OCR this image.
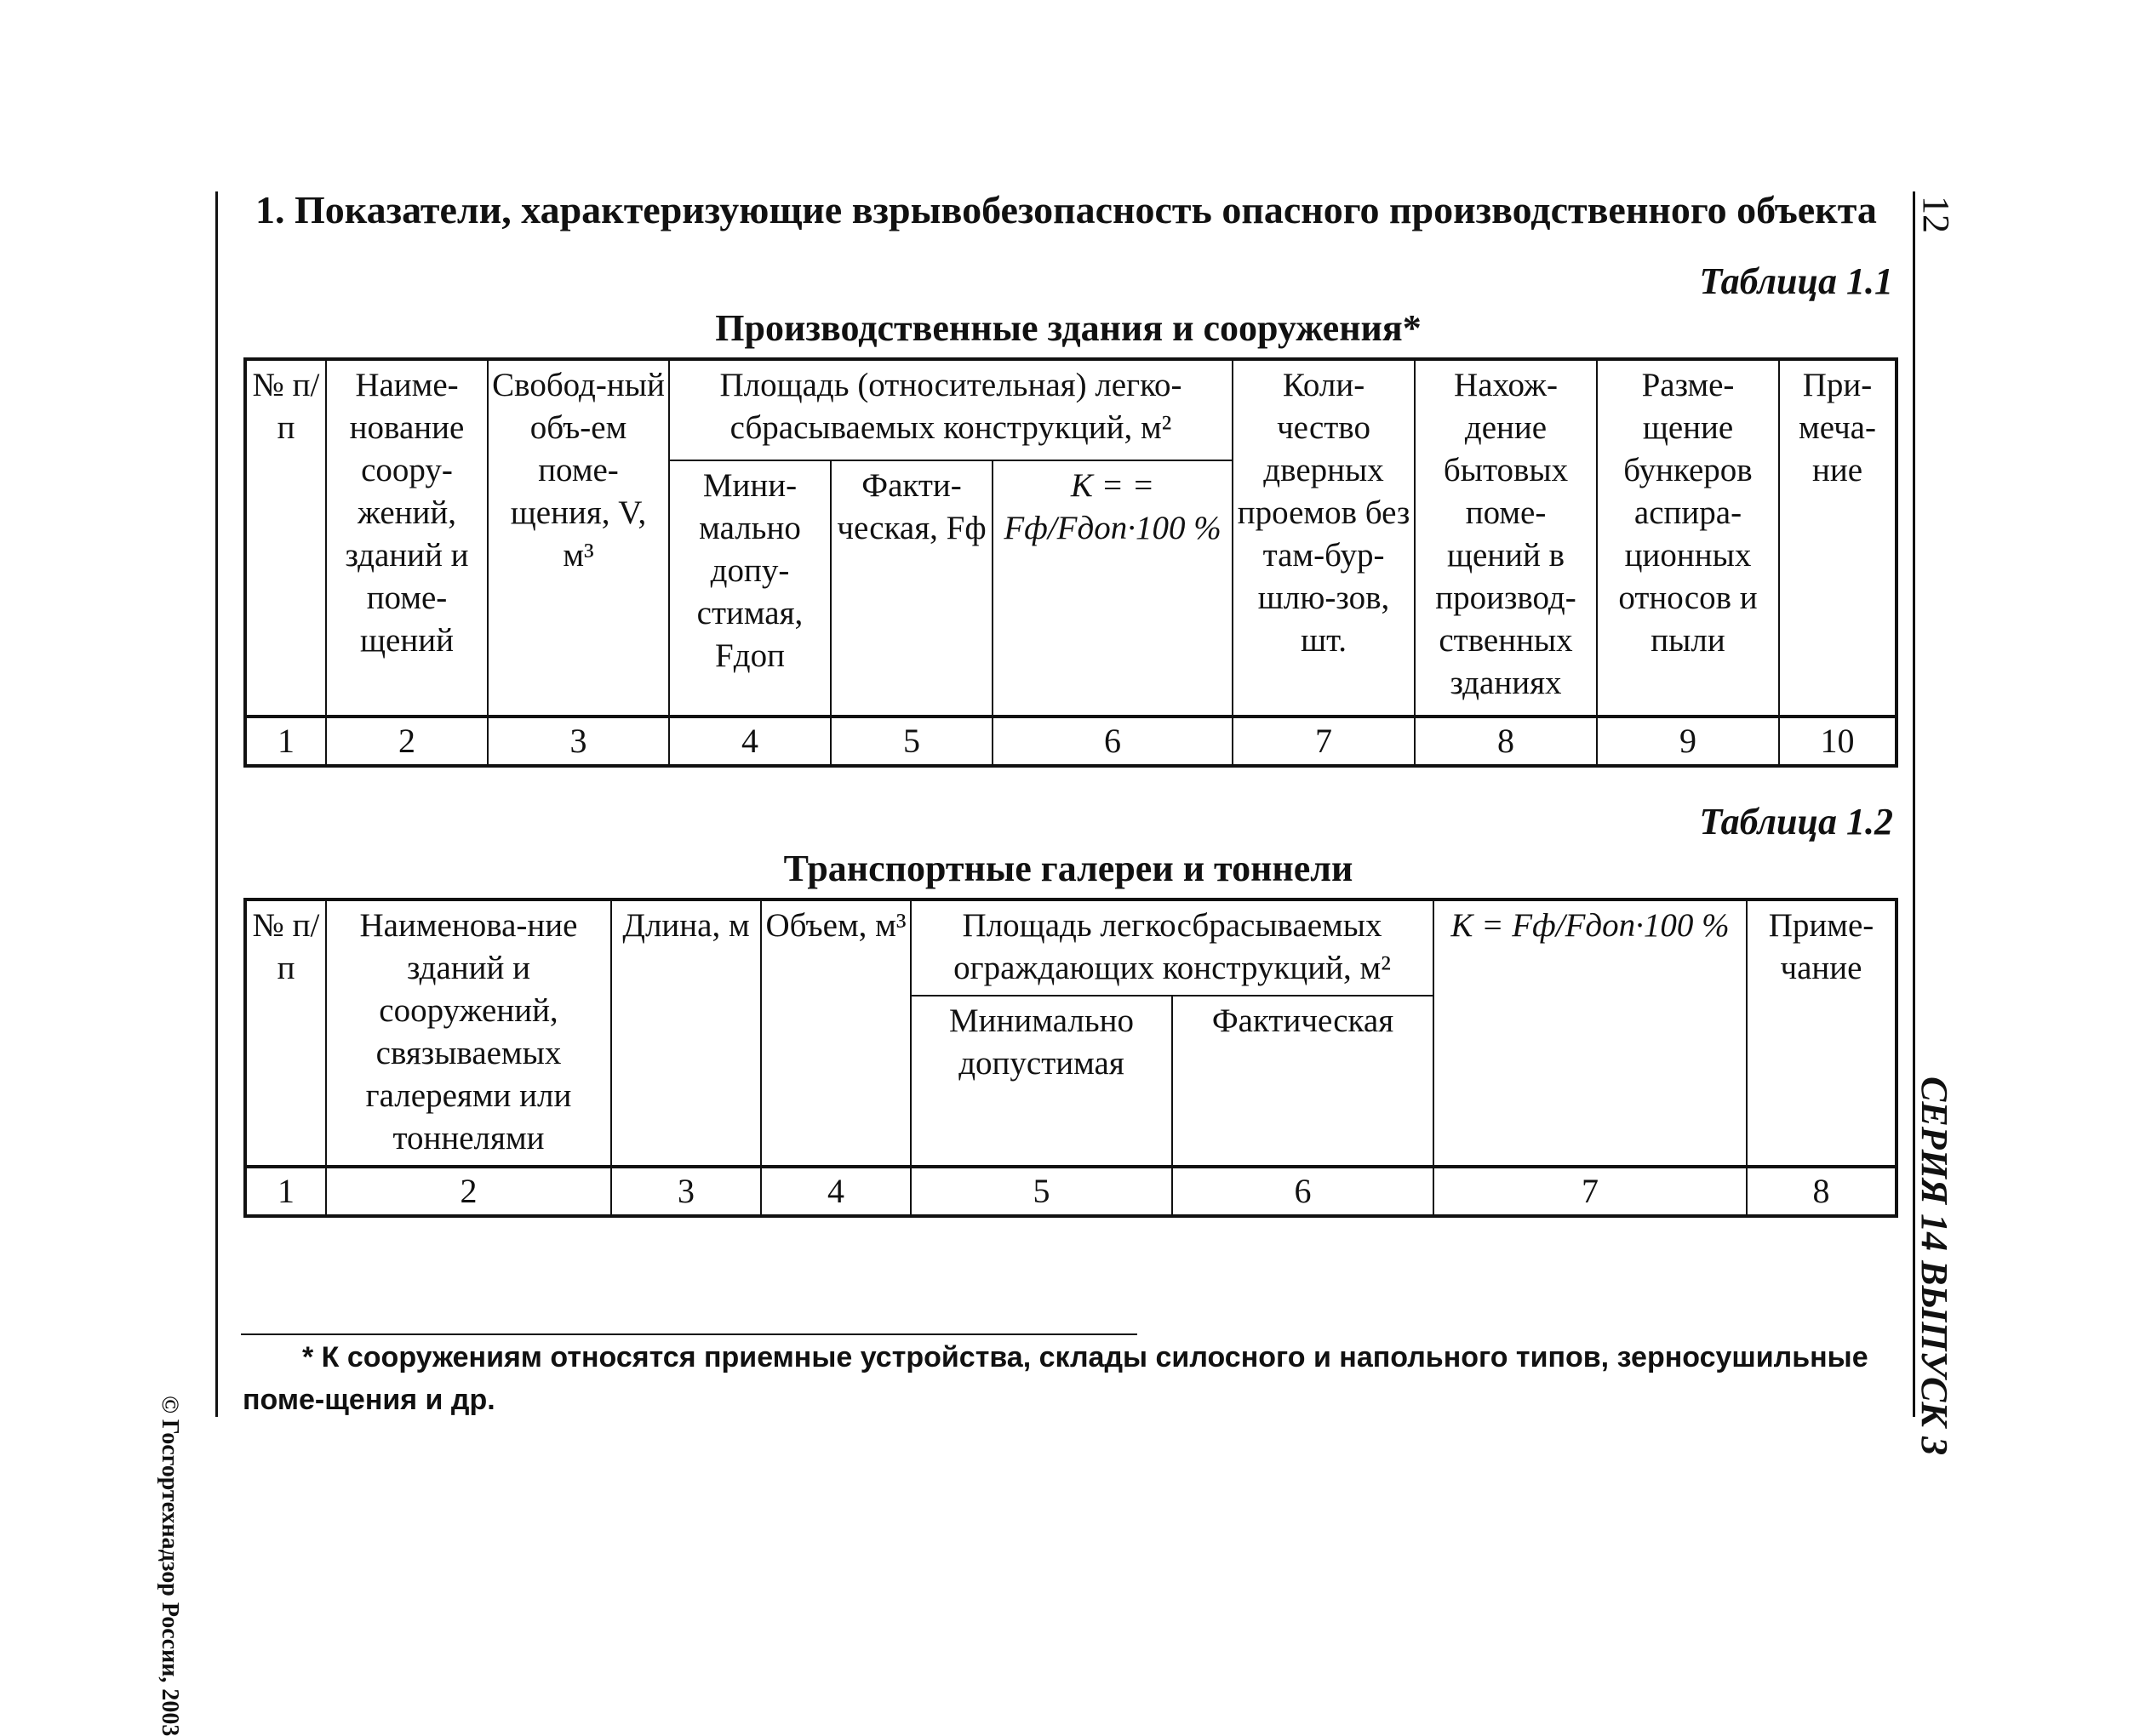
1. Показатели, характеризующие взрывобезопасность опасного производственного объекта
Таблица 1.1
Производственные здания и сооружения*
№ п/п	Наиме-нование соору-жений, зданий и поме-щений	Свобод-ный объ-ем поме-щения, V, м³	Площадь (относительная) легко-сбрасываемых конструкций, м²			Коли-чество дверных проемов без там-бур-шлю-зов, шт.	Нахож-дение бытовых поме-щений в производ-ственных зданиях	Разме-щение бункеров аспира-ционных относов и пыли	При-меча-ние
			Мини-мально допу-стимая, Fдоп	Факти-ческая, Fф	K = = Fф/Fдоп·100 %				
1	2	3	4	5	6	7	8	9	10
Таблица 1.2
Транспортные галереи и тоннели
№ п/п	Наименова-ние зданий и сооружений, связываемых галереями или тоннелями	Длина, м	Объем, м³	Площадь легкосбрасываемых ограждающих конструкций, м²		K = Fф/Fдоп·100 %	Приме-чание
				Минимально допустимая	Фактическая		
1	2	3	4	5	6	7	8
* К сооружениям относятся приемные устройства, склады силосного и напольного типов, зерносушильные поме-щения и др.
12
СЕРИЯ 14 ВЫПУСК 3
© Госгортехнадзор России, 2003
